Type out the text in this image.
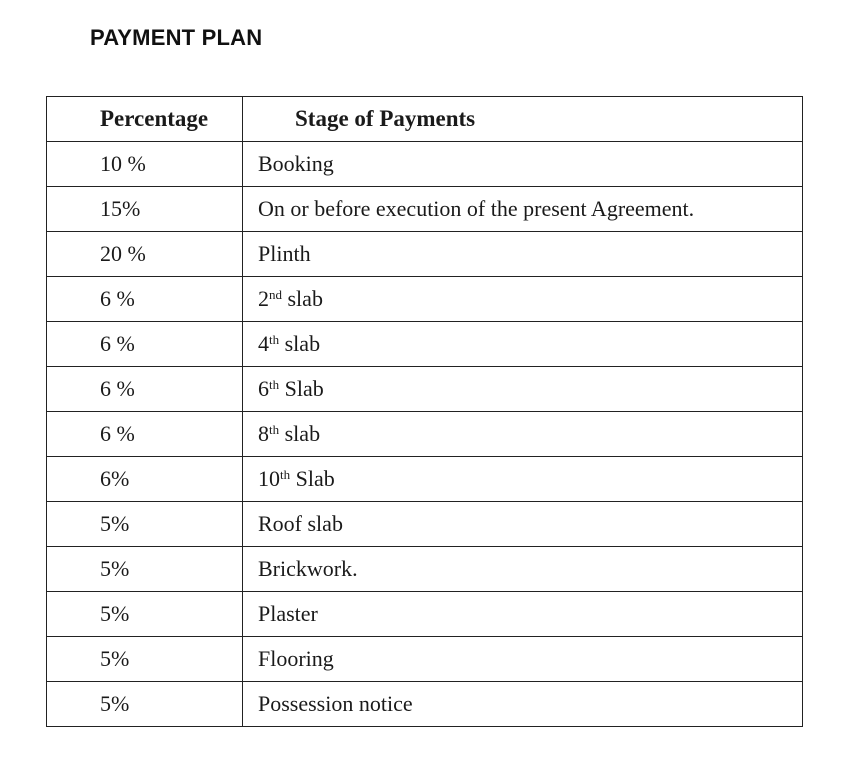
PAYMENT PLAN
Percentage	Stage of Payments
10 %	Booking
15%	On or before execution of the present Agreement.
20 %	Plinth
6 %	2nd slab
6 %	4th slab
6 %	6th Slab
6 %	8th slab
6%	10th Slab
5%	Roof slab
5%	Brickwork.
5%	Plaster
5%	Flooring
5%	Possession notice
